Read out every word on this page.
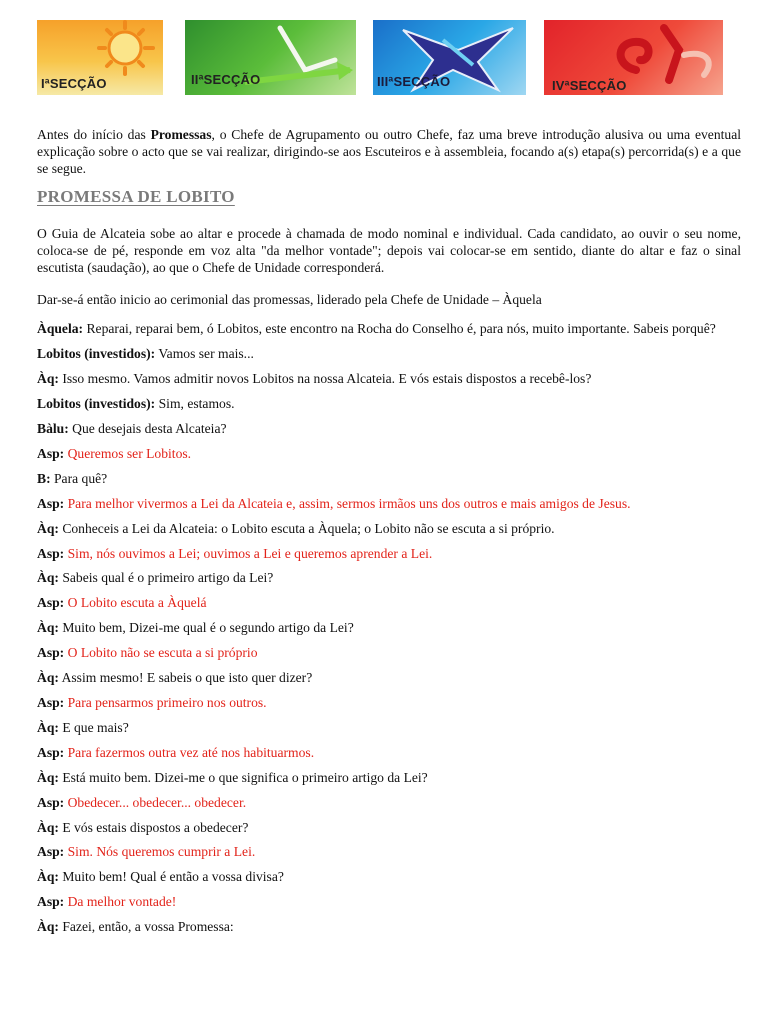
IªSECÇÃO	IIªSECÇÃO	IIIªSECÇÃO	IVªSECÇÃO

Antes do início das Promessas, o Chefe de Agrupamento ou outro Chefe, faz uma breve introdução alusiva ou uma eventual explicação sobre o acto que se vai realizar, dirigindo-se aos Escuteiros e à assembleia, focando a(s) etapa(s) percorrida(s) e a que se segue.

PROMESSA DE LOBITO

O Guia de Alcateia sobe ao altar e procede à chamada de modo nominal e individual. Cada candidato, ao ouvir o seu nome, coloca-se de pé, responde em voz alta "da melhor vontade"; depois vai colocar-se em sentido, diante do altar e faz o sinal escutista (saudação), ao que o Chefe de Unidade corresponderá.

Dar-se-á então inicio ao cerimonial das promessas, liderado pela Chefe de Unidade – Àquela

Àquela: Reparai, reparai bem, ó Lobitos, este encontro na Rocha do Conselho é, para nós, muito importante. Sabeis porquê?

Lobitos (investidos): Vamos ser mais...

Àq: Isso mesmo. Vamos admitir novos Lobitos na nossa Alcateia. E vós estais dispostos a recebê-los?

Lobitos (investidos): Sim, estamos.

Bàlu: Que desejais desta Alcateia?

Asp: Queremos ser Lobitos.

B: Para quê?

Asp: Para melhor vivermos a Lei da Alcateia e, assim, sermos irmãos uns dos outros e mais amigos de Jesus.

Àq: Conheceis a Lei da Alcateia: o Lobito escuta a Àquela; o Lobito não se escuta a si próprio.

Asp: Sim, nós ouvimos a Lei; ouvimos a Lei e queremos aprender a Lei.

Àq: Sabeis qual é o primeiro artigo da Lei?

Asp: O Lobito escuta a Àquelá

Àq: Muito bem, Dizei-me qual é o segundo artigo da Lei?

Asp: O Lobito não se escuta a si próprio

Àq: Assim mesmo! E sabeis o que isto quer dizer?

Asp: Para pensarmos primeiro nos outros.

Àq: E que mais?

Asp: Para fazermos outra vez até nos habituarmos.

Àq: Está muito bem. Dizei-me o que significa o primeiro artigo da Lei?

Asp: Obedecer... obedecer... obedecer.

Àq: E vós estais dispostos a obedecer?

Asp: Sim. Nós queremos cumprir a Lei.

Àq: Muito bem! Qual é então a vossa divisa?

Asp: Da melhor vontade!

Àq: Fazei, então, a vossa Promessa:
